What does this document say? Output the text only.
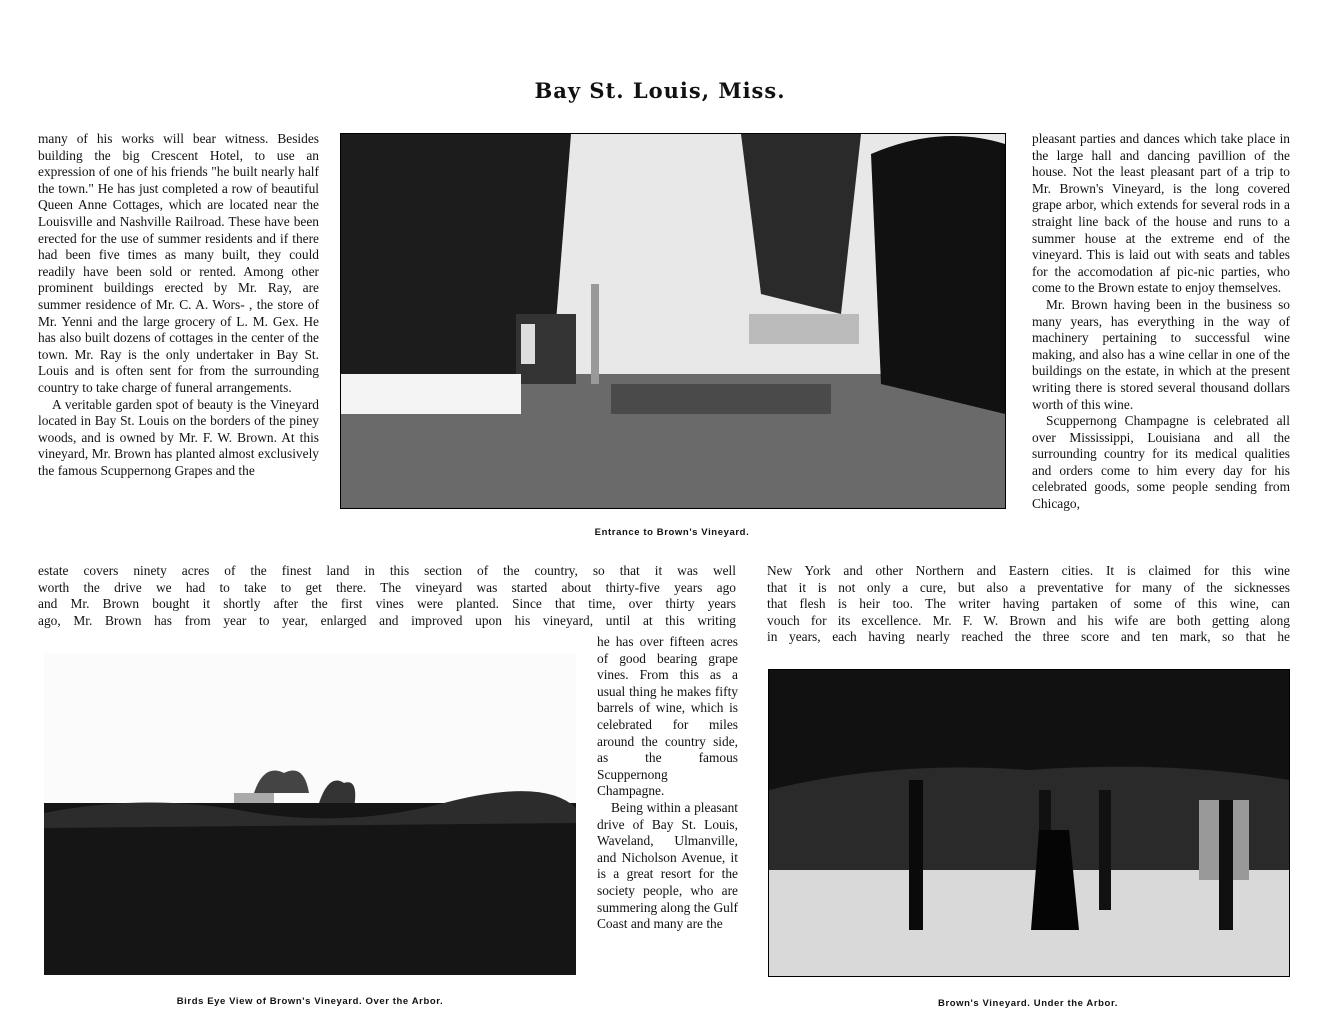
Bay St. Louis, Miss.

many of his works will bear witness. Besides building the big Crescent Hotel, to use an expression of one of his friends "he built nearly half the town." He has just completed a row of beautiful Queen Anne Cottages, which are located near the Louisville and Nashville Railroad. These have been erected for the use of summer residents and if there had been five times as many built, they could readily have been sold or rented. Among other prominent buildings erected by Mr. Ray, are summer residence of Mr. C. A. Wors- , the store of Mr. Yenni and the large grocery of L. M. Gex. He has also built dozens of cottages in the center of the town. Mr. Ray is the only undertaker in Bay St. Louis and is often sent for from the surrounding country to take charge of funeral arrangements.

A veritable garden spot of beauty is the Vineyard located in Bay St. Louis on the borders of the piney woods, and is owned by Mr. F. W. Brown. At this vineyard, Mr. Brown has planted almost exclusively the famous Scuppernong Grapes and the

Entrance to Brown's Vineyard.

pleasant parties and dances which take place in the large hall and dancing pavillion of the house. Not the least pleasant part of a trip to Mr. Brown's Vineyard, is the long covered grape arbor, which extends for several rods in a straight line back of the house and runs to a summer house at the extreme end of the vineyard. This is laid out with seats and tables for the accomodation af pic-nic parties, who come to the Brown estate to enjoy themselves.

Mr. Brown having been in the business so many years, has everything in the way of machinery pertaining to successful wine making, and also has a wine cellar in one of the buildings on the estate, in which at the present writing there is stored several thousand dollars worth of this wine.

Scuppernong Champagne is celebrated all over Mississippi, Louisiana and all the surrounding country for its medical qualities and orders come to him every day for his celebrated goods, some people sending from Chicago,

estate covers ninety acres of the finest land in this section of the country, so that it was well
worth the drive we had to take to get there. The vineyard was started about thirty-five years ago
and Mr. Brown bought it shortly after the first vines were planted. Since that time, over thirty years
ago, Mr. Brown has from year to year, enlarged and improved upon his vineyard, until at this writing
New York and other Northern and Eastern cities. It is claimed for this wine
that it is not only a cure, but also a preventative for many of the sicknesses
that flesh is heir too. The writer having partaken of some of this wine, can
vouch for its excellence. Mr. F. W. Brown and his wife are both getting along
in years, each having nearly reached the three score and ten mark, so that he
Birds Eye View of Brown's Vineyard. Over the Arbor.

he has over fifteen acres of good bearing grape vines. From this as a usual thing he makes fifty barrels of wine, which is celebrated for miles around the country side, as the famous Scuppernong Champagne.

Being within a pleasant drive of Bay St. Louis, Waveland, Ulmanville, and Nicholson Avenue, it is a great resort for the society people, who are summering along the Gulf Coast and many are the

Brown's Vineyard. Under the Arbor.
